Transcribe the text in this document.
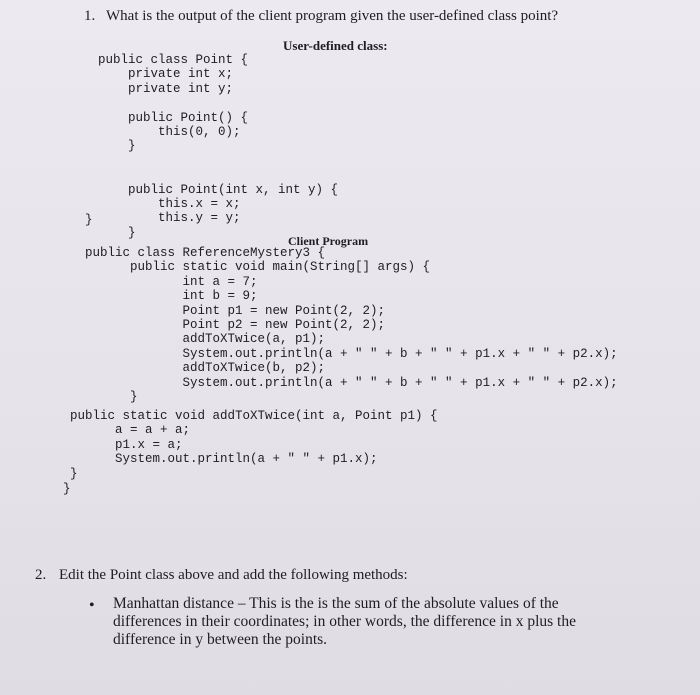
1. What is the output of the client program given the user-defined class point?
User-defined class:
public class Point {
private int x;
private int y;

public Point() {
this(0, 0);
}

public Point(int x, int y) {
this.x = x;
this.y = y;
}
}
Client Program
public class ReferenceMystery3 {
public static void main(String[] args) {
int a = 7;
int b = 9;
Point p1 = new Point(2, 2);
Point p2 = new Point(2, 2);
addToXTwice(a, p1);
System.out.println(a + " " + b + " " + p1.x + " " + p2.x);
addToXTwice(b, p2);
System.out.println(a + " " + b + " " + p1.x + " " + p2.x);
}
public static void addToXTwice(int a, Point p1) {
a = a + a;
p1.x = a;
System.out.println(a + " " + p1.x);
}
}
2. Edit the Point class above and add the following methods:
• Manhattan distance – This is the is the sum of the absolute values of the differences in their coordinates; in other words, the difference in x plus the difference in y between the points.
